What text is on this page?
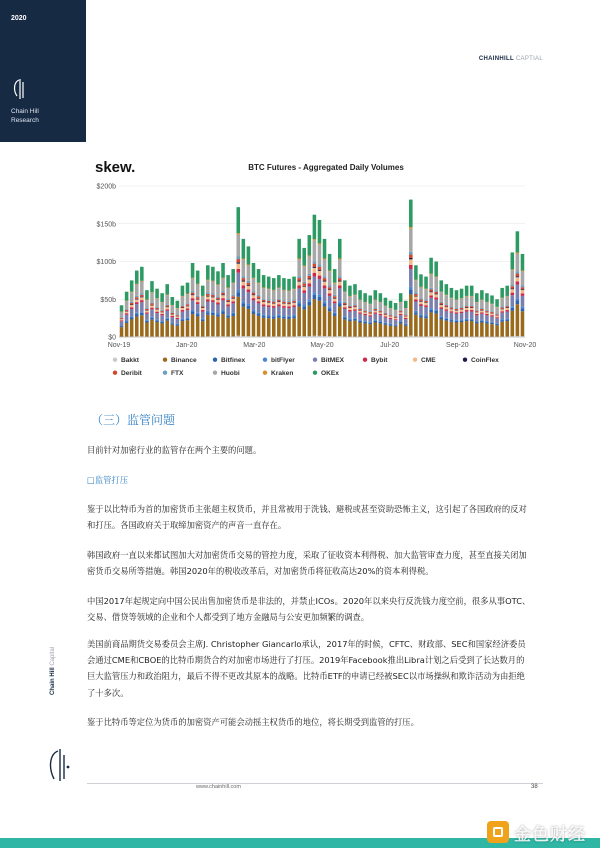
2020
Chain Hill
Research
CHAINHILL CAPTIAL
skew.	BTC Futures - Aggregated Daily Volumes
$0
$50b
$100b
$150b
$200b
Nov-19	Jan-20	Mar-20	May-20	Jul-20	Sep-20	Nov-20
Bakkt	Binance	Bitfinex	bitFlyer	BitMEX	Bybit	CME	CoinFlex
Deribit	FTX	Huobi	Kraken	OKEx
（三）监管问题

目前针对加密行业的监管存在两个主要的问题。

□监管打压

鉴于以比特币为首的加密货币主张超主权货币，并且常被用于洗钱、避税或甚至资助恐怖主义，这引起了各国政府的反对和打压。各国政府关于取缔加密资产的声音一直存在。

韩国政府一直以来都试图加大对加密货币交易的管控力度，采取了征收资本利得税、加大监管审查力度，甚至直接关闭加密货币交易所等措施。韩国2020年的税收改革后，对加密货币将征收高达20%的资本利得税。

中国2017年起规定向中国公民出售加密货币是非法的，并禁止ICOs。2020年以来央行反洗钱力度空前，很多从事OTC、交易、借贷等领域的企业和个人都受到了地方金融局与公安更加频繁的调查。

美国前商品期货交易委员会主席J. Christopher Giancarlo承认，2017年的时候，CFTC、财政部、SEC和国家经济委员会通过CME和CBOE的比特币期货合约对加密市场进行了打压。2019年Facebook推出Libra计划之后受到了长达数月的巨大监管压力和政治阻力，最后不得不更改其原本的战略。比特币ETF的申请已经被SEC以市场操纵和欺诈活动为由拒绝了十多次。

鉴于比特币等定位为货币的加密资产可能会动摇主权货币的地位，将长期受到监管的打压。

Chain Hill Capital
www.chainhill.com	38
金色财经
